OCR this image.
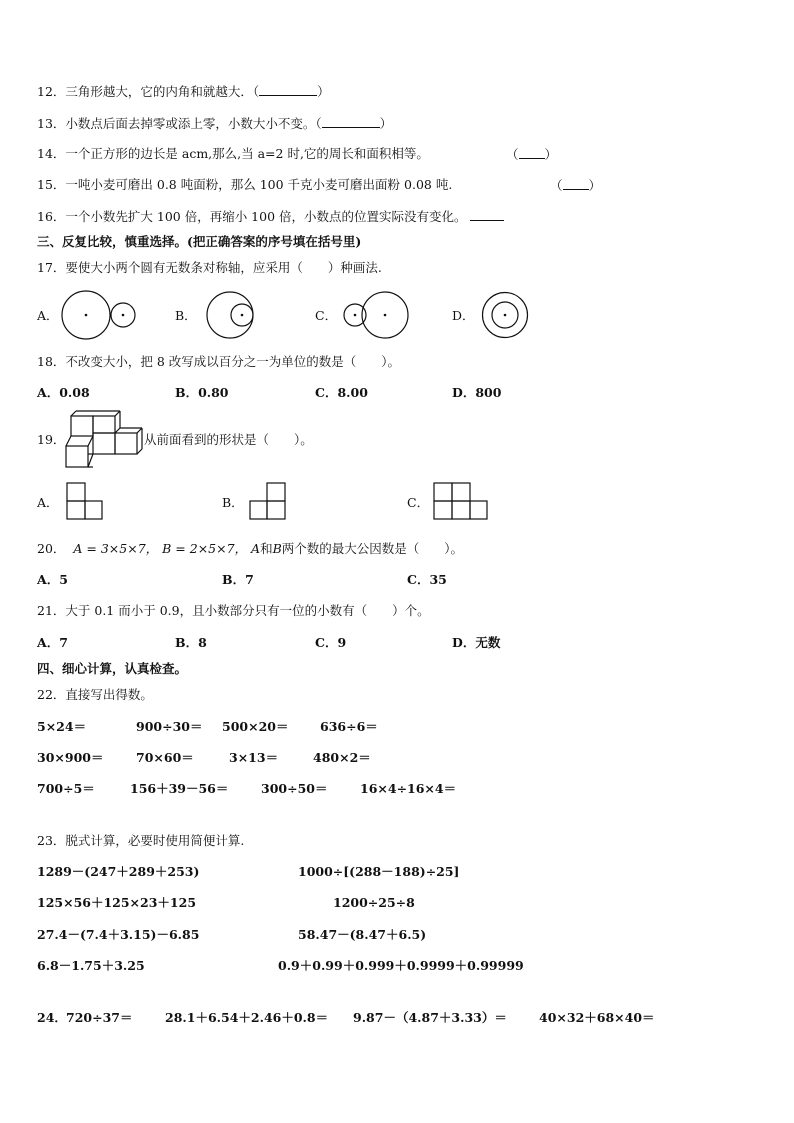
12．三角形越大，它的内角和就越大．（	）
13．小数点后面去掉零或添上零，小数大小不变。（	）
14．一个正方形的边长是 acm,那么,当 a=2 时,它的周长和面积相等。	（ ）
15．一吨小麦可磨出 0.8 吨面粉，那么 100 千克小麦可磨出面粉 0.08 吨.	（ ）
16．一个小数先扩大 100 倍，再缩小 100 倍，小数点的位置实际没有变化。
三、反复比较，慎重选择。(把正确答案的序号填在括号里)
17．要使大小两个圆有无数条对称轴，应采用（　　）种画法.
A．	B．	C．	D．
18．不改变大小，把 8 改写成以百分之一为单位的数是（　　）。
A．0.08	B．0.80	C．8.00	D．800
19．	从前面看到的形状是（　　）。
A．	B．	C．
20． A = 3×5×7， B = 2×5×7， A和B两个数的最大公因数是（　　）。
A．5	B．7	C．35
21．大于 0.1 而小于 0.9，且小数部分只有一位的小数有（　　）个。
A．7	B．8	C．9	D．无数
四、细心计算，认真检查。
22．直接写出得数。
5×24＝	900÷30＝ 500×20＝	636÷6＝
30×900＝	70×60＝	3×13＝	480×2＝
700÷5＝	156＋39－56＝	300÷50＝	16×4÷16×4＝
23．脱式计算，必要时使用简便计算.
1289－(247＋289＋253)	1000÷[(288－188)÷25]
125×56＋125×23＋125	1200÷25÷8
27.4－(7.4＋3.15)－6.85	58.47－(8.47＋6.5)
6.8－1.75＋3.25	0.9＋0.99＋0.999＋0.9999＋0.99999
24． 720÷37＝	28.1＋6.54＋2.46＋0.8＝ 9.87－（4.87＋3.33）＝	40×32＋68×40＝
